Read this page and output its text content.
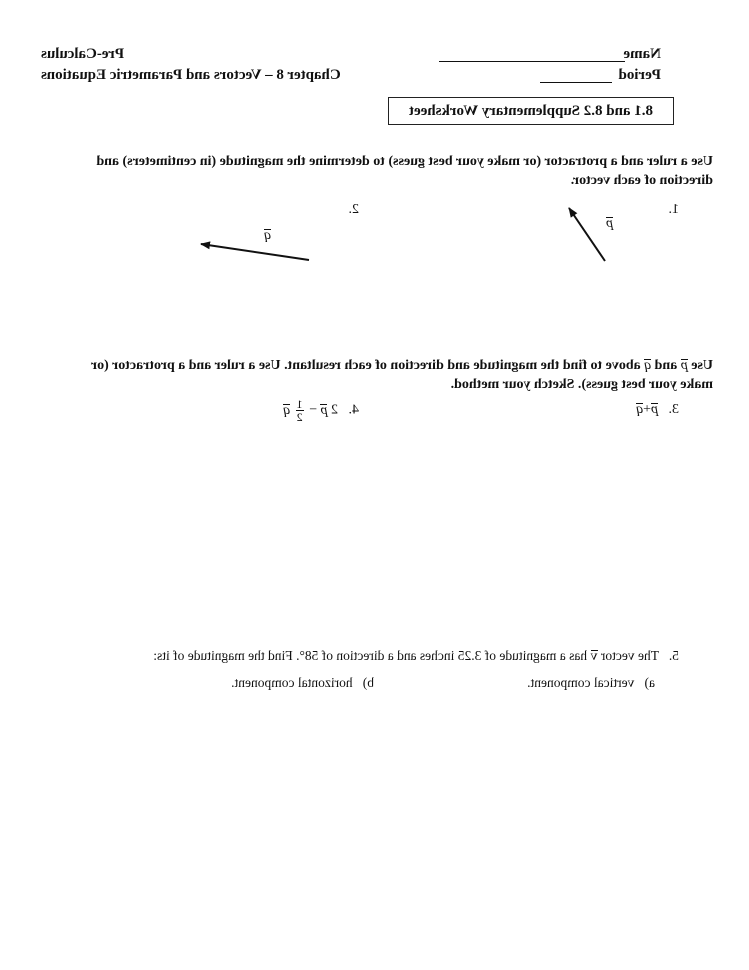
Name
Period
Pre-Calculus
Chapter 8 – Vectors and Parametric Equations
8.1 and 8.2 Supplementary Worksheet
Use a ruler and a protractor (or make your best guess) to determine the magnitude (in centimeters) and direction of each vector.
1.
2.
p
q
Use
p and
q above to find the magnitude and direction of each resultant. Use a ruler and a protractor (or make your best guess). Sketch your method.
3.
p+
q
4.   2
p −
$\frac{1}{2}$

q
5.   The vector
v has a magnitude of 3.25 inches and a direction of 58°. Find the magnitude of its:
a)   vertical component.
b)   horizontal component.
